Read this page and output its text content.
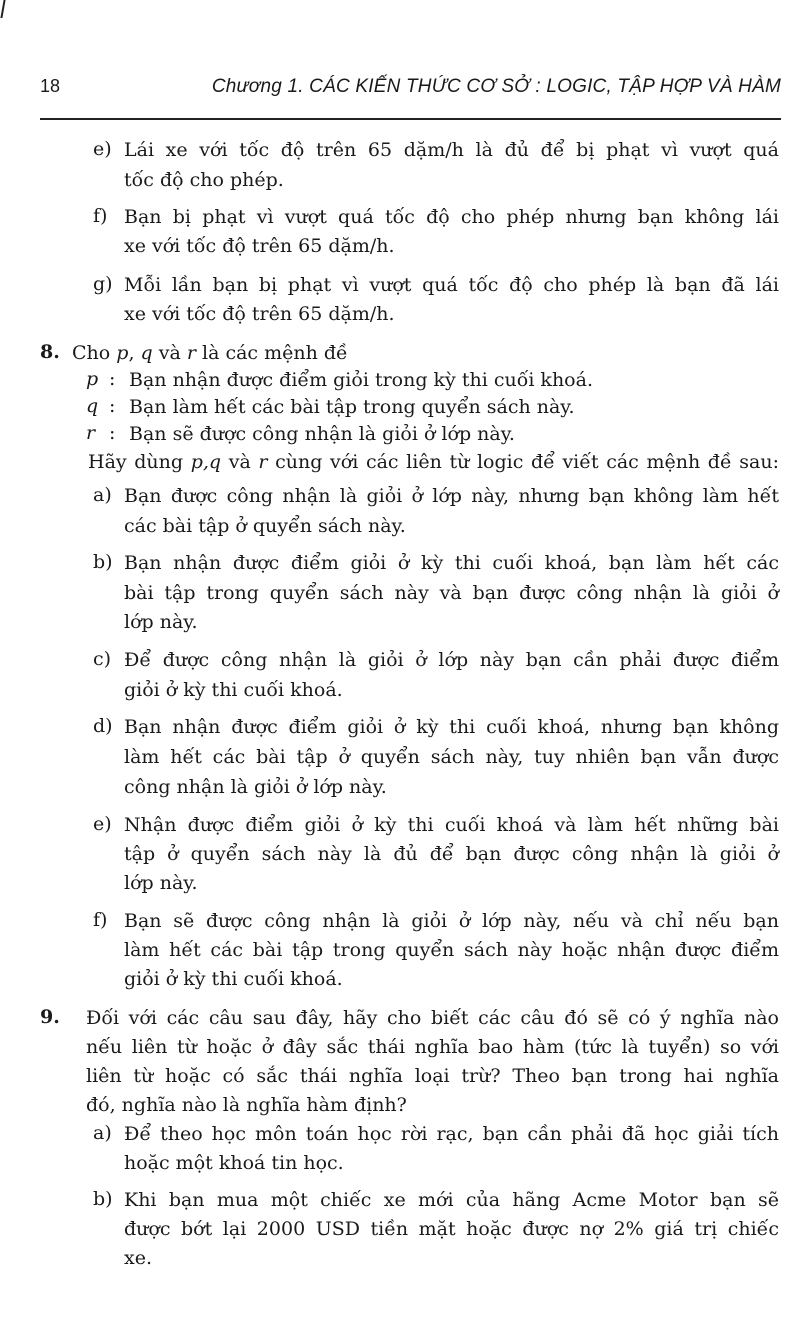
18	Chương 1. CÁC KIẾN THỨC CƠ SỞ : LOGIC, TẬP HỢP VÀ HÀM
e) Lái xe với tốc độ trên 65 dặm/h là đủ để bị phạt vì vượt quá
tốc độ cho phép.
f) Bạn bị phạt vì vượt quá tốc độ cho phép nhưng bạn không lái
xe với tốc độ trên 65 dặm/h.
g) Mỗi lần bạn bị phạt vì vượt quá tốc độ cho phép là bạn đã lái
xe với tốc độ trên 65 dặm/h.
8. Cho p, q và r là các mệnh đề
p : Bạn nhận được điểm giỏi trong kỳ thi cuối khoá.
q : Bạn làm hết các bài tập trong quyển sách này.
r : Bạn sẽ được công nhận là giỏi ở lớp này.
Hãy dùng p,q và r cùng với các liên từ logic để viết các mệnh đề sau:
a) Bạn được công nhận là giỏi ở lớp này, nhưng bạn không làm hết
các bài tập ở quyển sách này.
b) Bạn nhận được điểm giỏi ở kỳ thi cuối khoá, bạn làm hết các
bài tập trong quyển sách này và bạn được công nhận là giỏi ở
lớp này.
c) Để được công nhận là giỏi ở lớp này bạn cần phải được điểm
giỏi ở kỳ thi cuối khoá.
d) Bạn nhận được điểm giỏi ở kỳ thi cuối khoá, nhưng bạn không
làm hết các bài tập ở quyển sách này, tuy nhiên bạn vẫn được
công nhận là giỏi ở lớp này.
e) Nhận được điểm giỏi ở kỳ thi cuối khoá và làm hết những bài
tập ở quyển sách này là đủ để bạn được công nhận là giỏi ở
lớp này.
f) Bạn sẽ được công nhận là giỏi ở lớp này, nếu và chỉ nếu bạn
làm hết các bài tập trong quyển sách này hoặc nhận được điểm
giỏi ở kỳ thi cuối khoá.
9. Đối với các câu sau đây, hãy cho biết các câu đó sẽ có ý nghĩa nào
nếu liên từ hoặc ở đây sắc thái nghĩa bao hàm (tức là tuyển) so với
liên từ hoặc có sắc thái nghĩa loại trừ? Theo bạn trong hai nghĩa
đó, nghĩa nào là nghĩa hàm định?
a) Để theo học môn toán học rời rạc, bạn cần phải đã học giải tích
hoặc một khoá tin học.
b) Khi bạn mua một chiếc xe mới của hãng Acme Motor bạn sẽ
được bớt lại 2000 USD tiền mặt hoặc được nợ 2% giá trị chiếc
xe.
